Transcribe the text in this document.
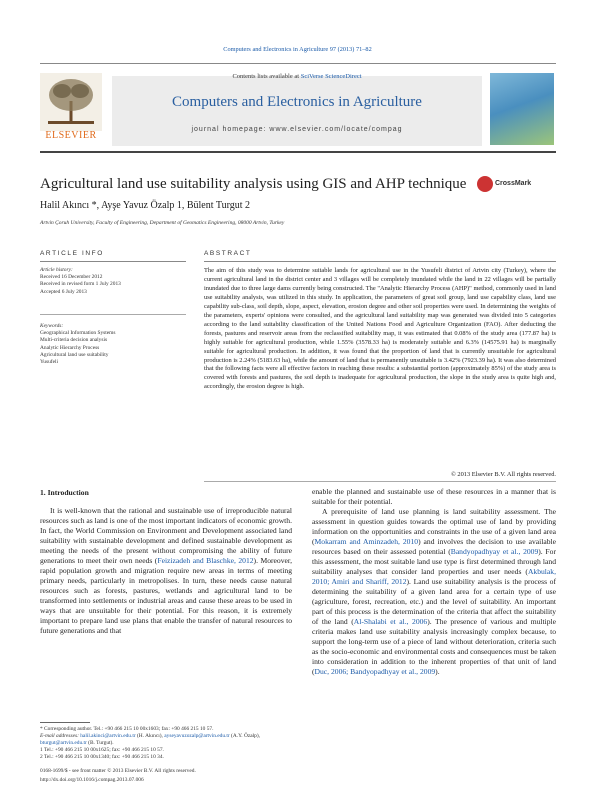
Computers and Electronics in Agriculture 97 (2013) 71–82
ELSEVIER
Contents lists available at SciVerse ScienceDirect
Computers and Electronics in Agriculture
journal homepage: www.elsevier.com/locate/compag
Agricultural land use suitability analysis using GIS and AHP technique	CrossMark
Halil Akıncı *, Ayşe Yavuz Özalp 1, Bülent Turgut 2
Artvin Çoruh University, Faculty of Engineering, Department of Geomatics Engineering, 08000 Artvin, Turkey
ARTICLE INFO	ABSTRACT
Article history:
Received 16 December 2012
Received in revised form 1 July 2013
Accepted 6 July 2013
Keywords:
Geographical Information Systems
Multi-criteria decision analysis
Analytic Hierarchy Process
Agricultural land use suitability
Yusufeli
The aim of this study was to determine suitable lands for agricultural use in the Yusufeli district of Artvin city (Turkey), where the current agricultural land in the district center and 3 villages will be completely inundated while the land in 22 villages will be partially inundated due to three large dams currently being constructed. The "Analytic Hierarchy Process (AHP)" method, commonly used in land use suitability analysis, was utilized in this study. In application, the parameters of great soil group, land use capability class, land use capability sub-class, soil depth, slope, aspect, elevation, erosion degree and other soil properties were used. In determining the weights of the parameters, experts' opinions were consulted, and the agricultural land suitability map was generated was divided into 5 categories according to the land suitability classification of the United Nations Food and Agriculture Organization (FAO). After deducting the forests, pastures and reservoir areas from the reclassified suitability map, it was estimated that 0.08% of the study area (177.87 ha) is highly suitable for agricultural production, while 1.55% (3578.33 ha) is moderately suitable and 6.3% (14575.91 ha) is marginally suitable for agricultural production. In addition, it was found that the proportion of land that is currently unsuitable for agricultural production is 2.24% (5183.63 ha), while the amount of land that is permanently unsuitable is 3.42% (7923.39 ha). It was also determined that the following facts were all effective factors in reaching these results: a substantial portion (approximately 85%) of the study area is covered with forests and pastures, the soil depth is inadequate for agricultural production, the slope in the study area is quite high and, accordingly, the erosion degree is high.
© 2013 Elsevier B.V. All rights reserved.
1. Introduction

It is well-known that the rational and sustainable use of irreproducible natural resources such as land is one of the most important indicators of economic growth. In fact, the World Commission on Environment and Development associated land suitability with sustainable development and defined sustainable development as meeting the needs of the present without compromising the ability of future generations to meet their own needs (Feizizadeh and Blaschke, 2012). Moreover, rapid population growth and migration require new areas in terms of meeting primary needs, particularly in metropolises. In turn, these needs cause natural resources such as forests, pastures, wetlands and agricultural land to be transformed into settlements or industrial areas and cause these areas to be used in ways that are unsuitable for their potential. For this reason, it is extremely important to prepare land use plans that enable the transfer of natural resources to future generations and that

enable the planned and sustainable use of these resources in a manner that is suitable for their potential.

A prerequisite of land use planning is land suitability assessment. The assessment in question guides towards the optimal use of land by providing information on the opportunities and constraints in the use of a given land area (Mokarram and Aminzadeh, 2010) and involves the decision to use available resources based on their assessed potential (Bandyopadhyay et al., 2009). For this assessment, the most suitable land use type is first determined through land suitability analyses that consider land properties and user needs (Akbulak, 2010; Amiri and Shariff, 2012). Land use suitability analysis is the process of determining the suitability of a given land area for a certain type of use (agriculture, forest, recreation, etc.) and the level of suitability. An important part of this process is the determination of the criteria that affect the suitability of the land (Al-Shalabi et al., 2006). The presence of various and multiple criteria makes land use suitability analysis increasingly complex because, to support the long-term use of a piece of land without deterioration, criteria such as the socio-economic and environmental costs and consequences must be taken into consideration in addition to the inherent properties of that unit of land (Duc, 2006; Bandyopadhyay et al., 2009).

* Corresponding author. Tel.: +90 466 215 10 00x1603; fax: +90 466 215 10 57.
E-mail addresses: halil.akinci@artvin.edu.tr (H. Akıncı), ayseyavuzozalp@artvin.edu.tr (A.Y. Özalp), bturgut@artvin.edu.tr (B. Turgut).
1 Tel.: +90 466 215 10 00x1625; fax: +90 466 215 10 57.
2 Tel.: +90 466 215 10 00x1340; fax: +90 466 215 10 34.
0168-1699/$ - see front matter © 2013 Elsevier B.V. All rights reserved.
http://dx.doi.org/10.1016/j.compag.2013.07.006
